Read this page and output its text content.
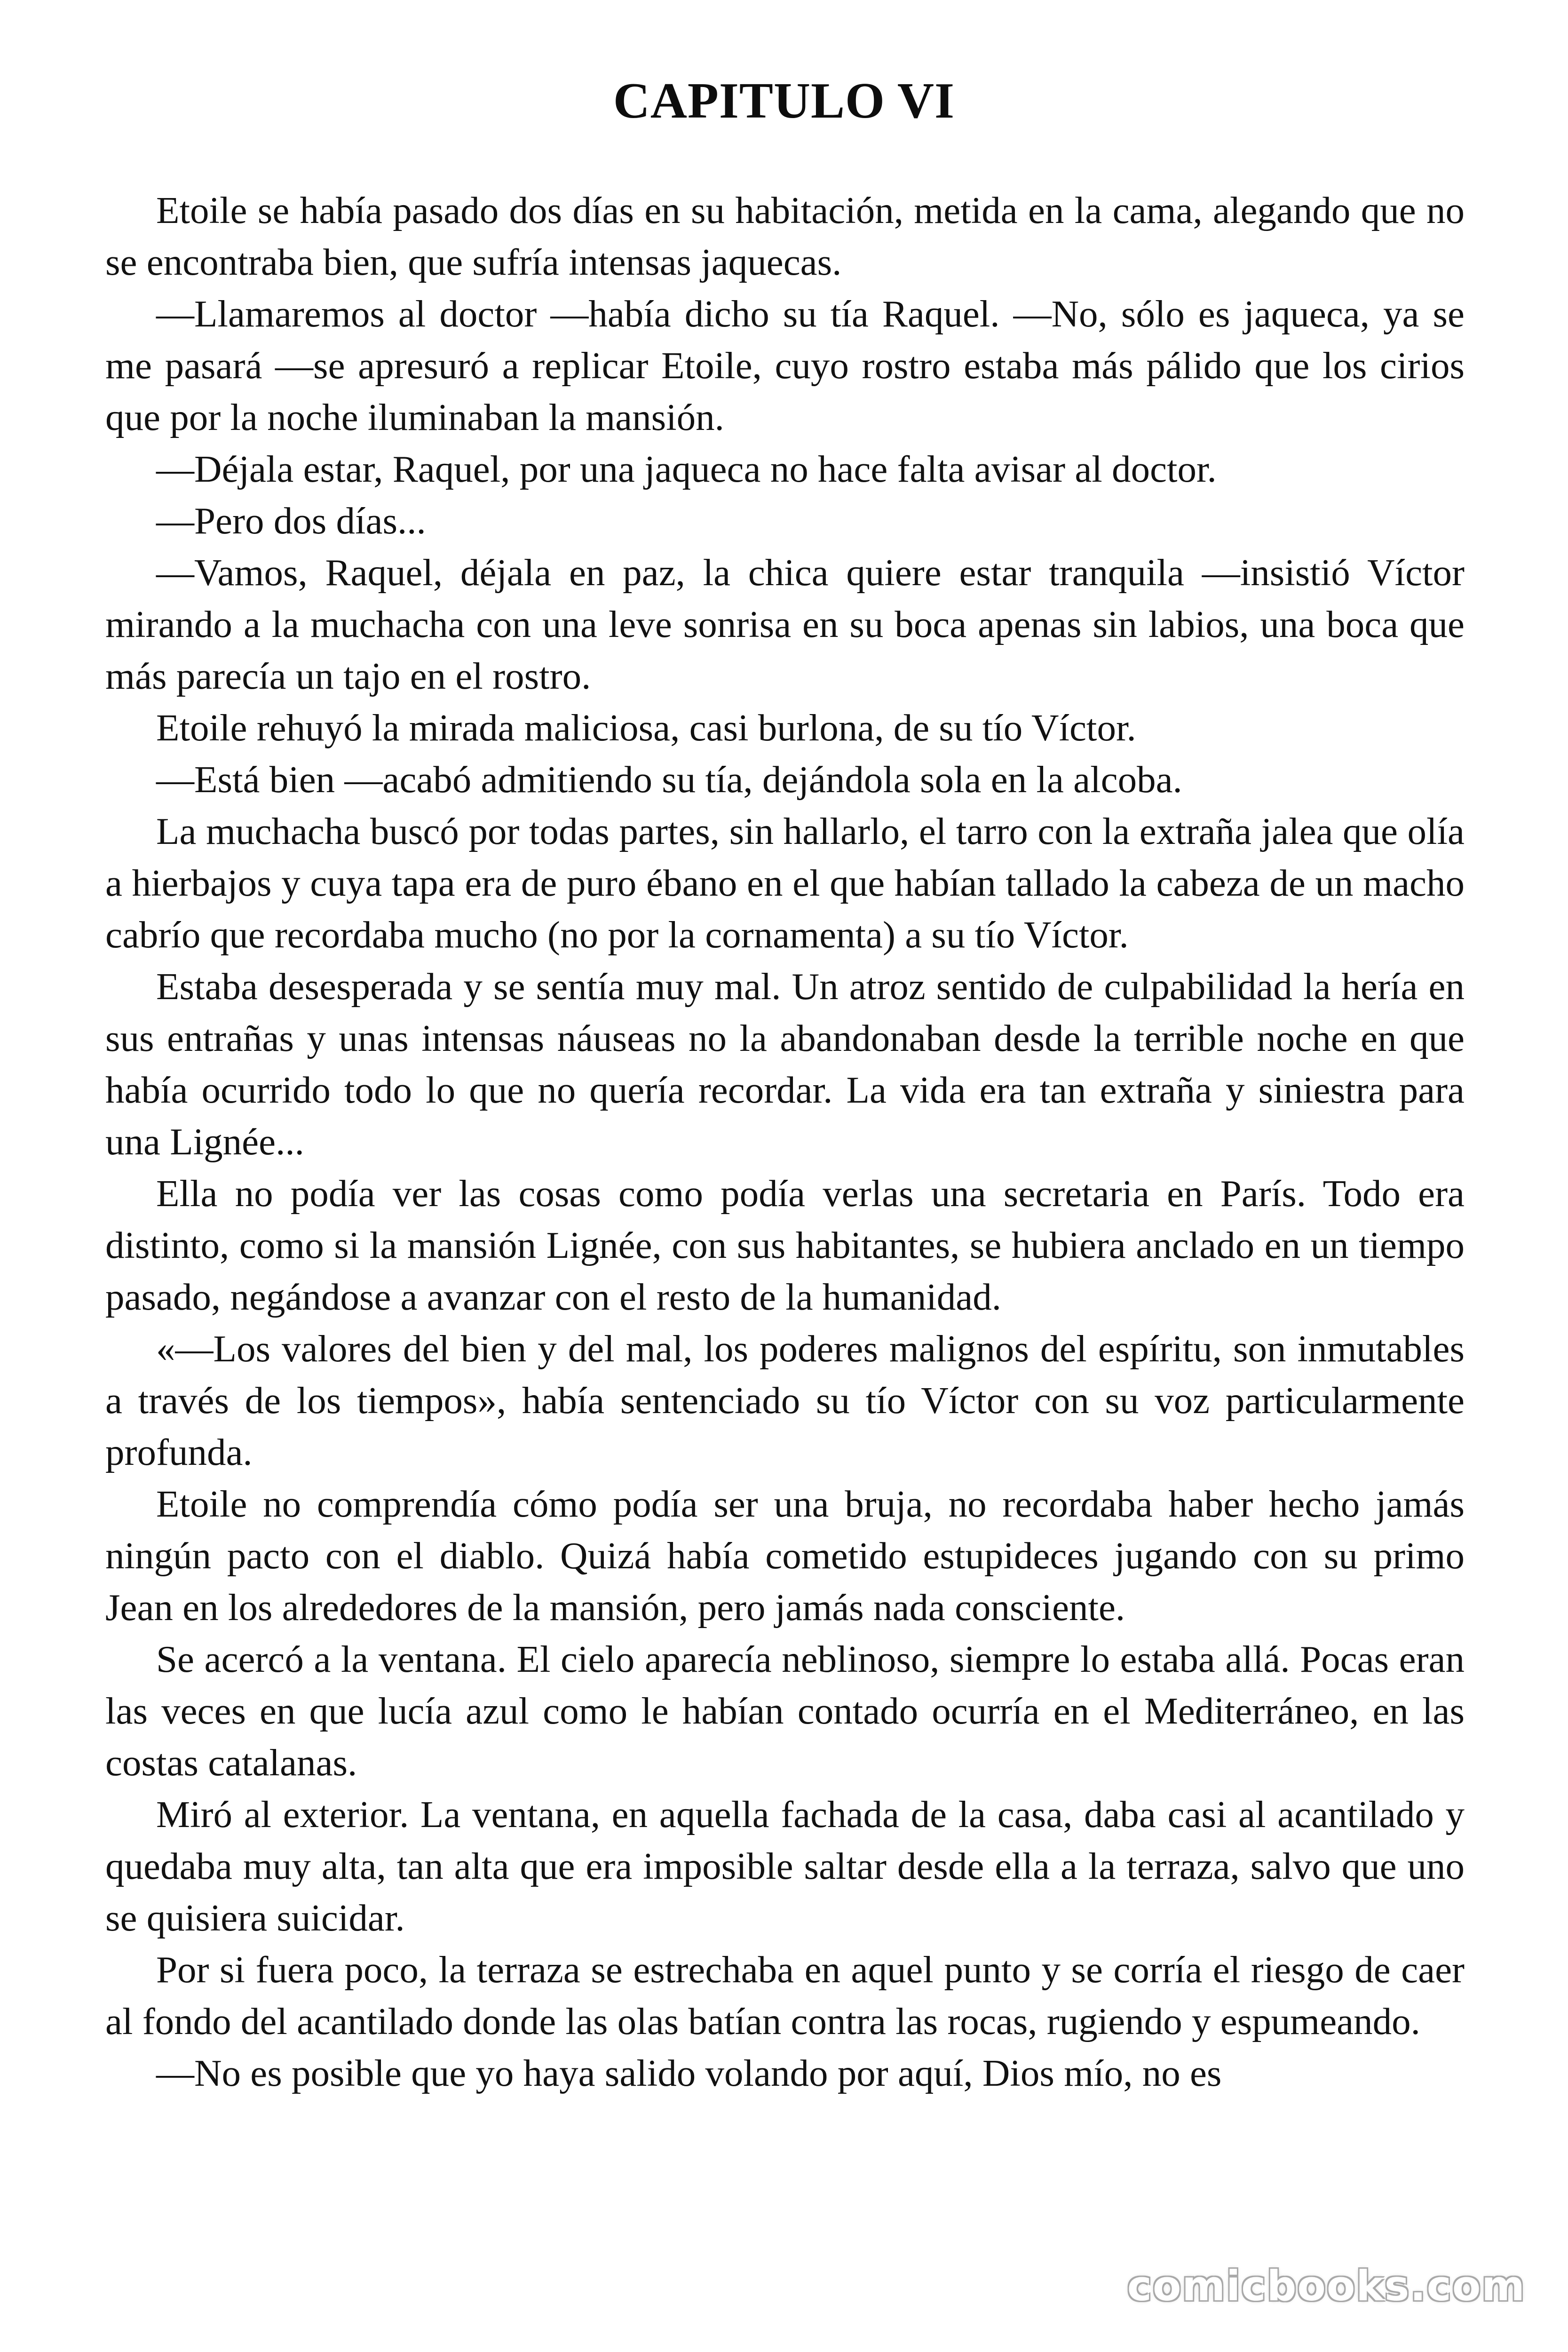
CAPITULO VI

Etoile se había pasado dos días en su habitación, metida en la cama, alegando que no se encontraba bien, que sufría intensas jaquecas.

—Llamaremos al doctor —había dicho su tía Raquel. —No, sólo es jaqueca, ya se me pasará —se apresuró a replicar Etoile, cuyo rostro estaba más pálido que los cirios que por la noche iluminaban la mansión.

—Déjala estar, Raquel, por una jaqueca no hace falta avisar al doctor.

—Pero dos días...

—Vamos, Raquel, déjala en paz, la chica quiere estar tranquila —insistió Víctor mirando a la muchacha con una leve sonrisa en su boca apenas sin labios, una boca que más parecía un tajo en el rostro.

Etoile rehuyó la mirada maliciosa, casi burlona, de su tío Víctor.

—Está bien —acabó admitiendo su tía, dejándola sola en la alcoba.

La muchacha buscó por todas partes, sin hallarlo, el tarro con la extraña jalea que olía a hierbajos y cuya tapa era de puro ébano en el que habían tallado la cabeza de un macho cabrío que recordaba mucho (no por la cornamenta) a su tío Víctor.

Estaba desesperada y se sentía muy mal. Un atroz sentido de culpabilidad la hería en sus entrañas y unas intensas náuseas no la abandonaban desde la terrible noche en que había ocurrido todo lo que no quería recordar. La vida era tan extraña y siniestra para una Lignée...

Ella no podía ver las cosas como podía verlas una secretaria en París. Todo era distinto, como si la mansión Lignée, con sus habitantes, se hubiera anclado en un tiempo pasado, negándose a avanzar con el resto de la humanidad.

«—Los valores del bien y del mal, los poderes malignos del espíritu, son inmutables a través de los tiempos», había sentenciado su tío Víctor con su voz particularmente profunda.

Etoile no comprendía cómo podía ser una bruja, no recordaba haber hecho jamás ningún pacto con el diablo. Quizá había cometido estupideces jugando con su primo Jean en los alrededores de la mansión, pero jamás nada consciente.

Se acercó a la ventana. El cielo aparecía neblinoso, siempre lo estaba allá. Pocas eran las veces en que lucía azul como le habían contado ocurría en el Mediterráneo, en las costas catalanas.

Miró al exterior. La ventana, en aquella fachada de la casa, daba casi al acantilado y quedaba muy alta, tan alta que era imposible saltar desde ella a la terraza, salvo que uno se quisiera suicidar.

Por si fuera poco, la terraza se estrechaba en aquel punto y se corría el riesgo de caer al fondo del acantilado donde las olas batían contra las rocas, rugiendo y espumeando.

—No es posible que yo haya salido volando por aquí, Dios mío, no es

comicbooks.com
